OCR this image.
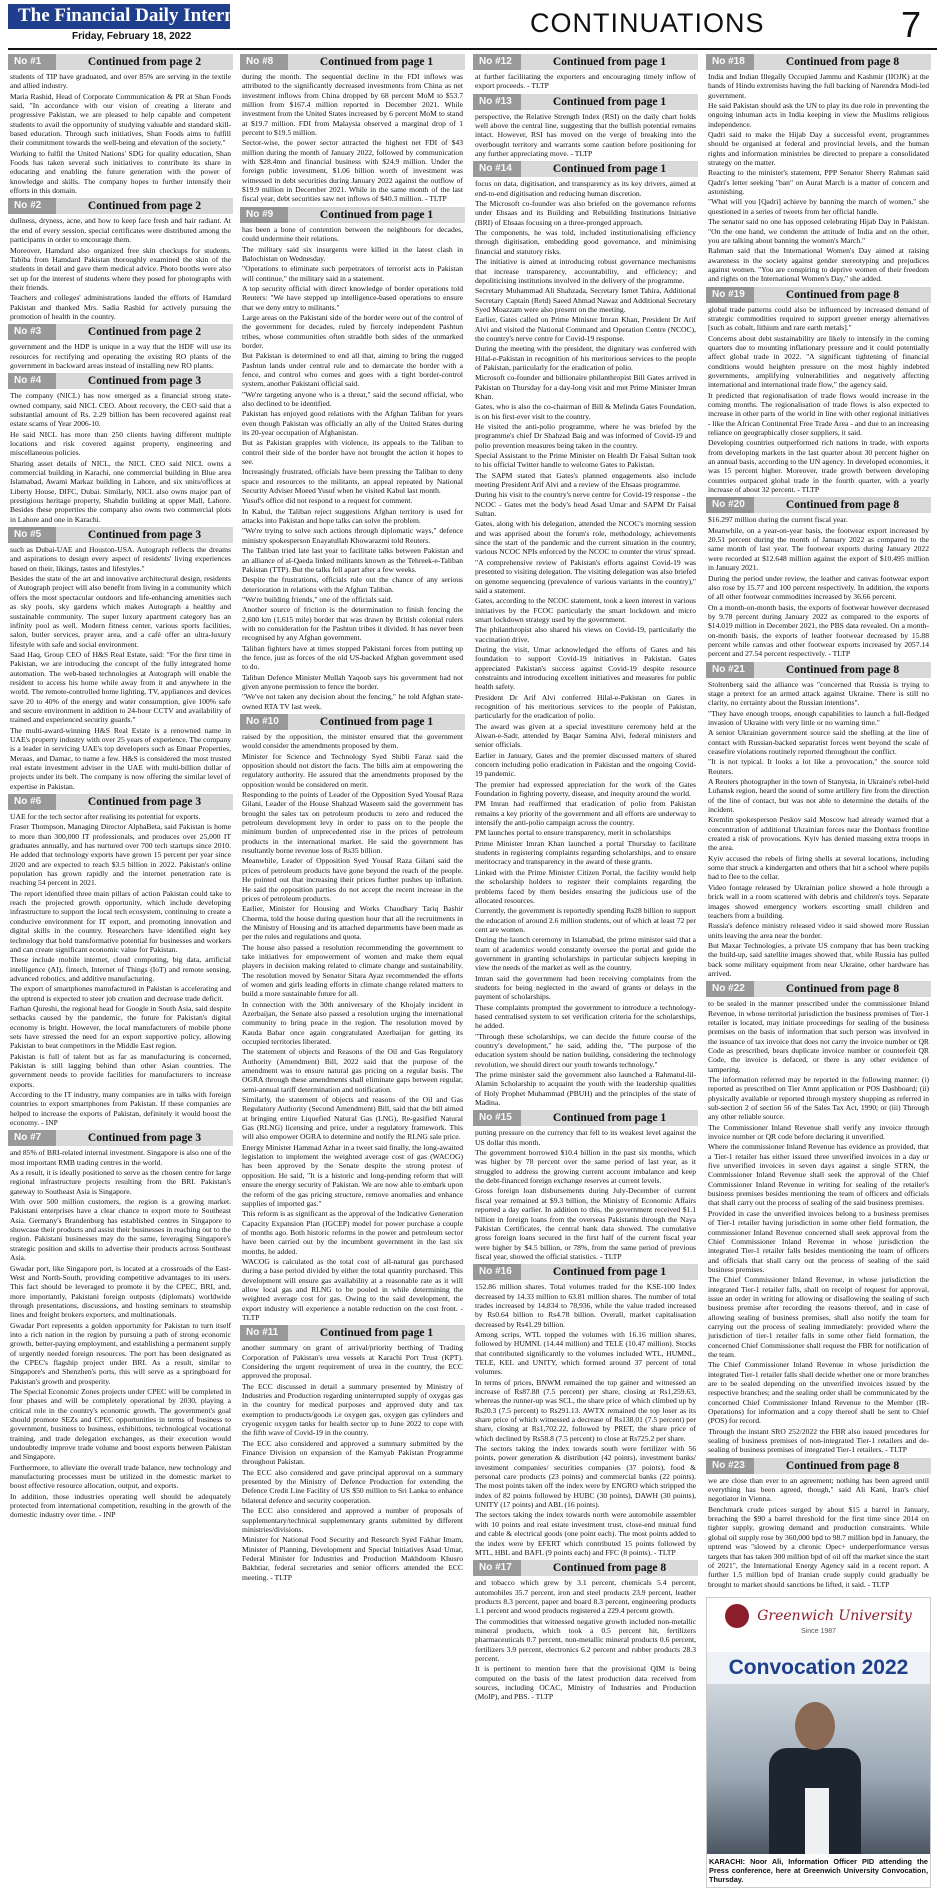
The Financial Daily International
Friday, February 18, 2022	CONTINUATIONS	7
No #1	Continued from page 2

students of TIP have graduated, and over 85% are serving in the textile and allied industry.

Maria Rashid, Head of Corporate Communication & PR at Shan Foods said, "In accordance with our vision of creating a literate and progressive Pakistan, we are pleased to help capable and competent students to avail the opportunity of studying valuable and standard skill-based education. Through such initiatives, Shan Foods aims to fulfill their commitment towards the well-being and elevation of the society."

Working to fulfil the United Nations' SDG for quality education, Shan Foods has taken several such initiatives to contribute its share in educating and enabling the future generation with the power of knowledge and skills. The company hopes to further intensify their efforts in this domain.

No #2	Continued from page 2

dullness, dryness, acne, and how to keep face fresh and hair radiant. At the end of every session, special certificates were distributed among the participants in order to encourage them.

Moreover, Hamdard also organized free skin checkups for students. Tabiba from Hamdard Pakistan thoroughly examined the skin of the students in detail and gave them medical advice. Photo booths were also set up for the interest of students where they posed for photographs with their friends.

Teachers and colleges' administrations lauded the efforts of Hamdard Pakistan and thanked Mrs. Sadia Rashid for actively pursuing the promotion of health in the country.

No #3	Continued from page 2

government and the HDP is unique in a way that the HDF will use its resources for rectifying and operating the existing RO plants of the government in backward areas instead of installing new RO plants.

No #4	Continued from page 3

The company (NICL) has now emerged as a financial strong state-owned company, said NICL CEO. About recovery, the CEO said that a substantial amount of Rs. 2.29 billion has been recovered against real estate scams of Year 2006-10.

He said NICL has more than 250 clients having different multiple locations and risk covered against property, engineering and miscellaneous policies.

Sharing asset details of NICL, the NICL CEO said NICL owns a commercial building in Karachi, one commercial building in Blue area Islamabad, Awami Markaz building in Lahore, and six units/offices at Liberty House, DIFC, Dubai. Similarly, NICL also owns major part of prestigious heritage property, Shahdin building at upper Mall, Lahore. Besides these properties the company also owns two commercial plots in Lahore and one in Karachi.

No #5	Continued from page 3

such as Dubai-UAE and Houston-USA. Autograph reflects the dreams and aspirations to design every aspect of residents' living experiences based on their, likings, tastes and lifestyles."

Besides the state of the art and innovative architectural design, residents of Autograph project will also benefit from living in a community which offers the most spectacular outdoors and life-enhancing amenities such as sky pools, sky gardens which makes Autograph a healthy and sustainable community. The super luxury apartment category has an infinity pool as well. Modern fitness center, various sports facilities, salon, butler services, prayer area, and a café offer an ultra-luxury lifestyle with safe and social environment.

Saad Haq, Group CEO of H&S Real Estate, said: "For the first time in Pakistan, we are introducing the concept of the fully integrated home automation. The web-based technologies at Autograph will enable the resident to access his home while away from it and anywhere in the world. The remote-controlled home lighting, TV, appliances and devices save 20 to 40% of the energy and water consumption, give 100% safe and secure environment in addition to 24-hour CCTV and availability of trained and experienced security guards."

The multi-award-winning H&S Real Estate is a renowned name in UAE's property industry with over 25 years of experience. The company is a leader in servicing UAE's top developers such as Emaar Properties, Meraas, and Damac, to name a few. H&S is considered the most trusted real estate investment adviser in the UAE with multi-billion dollar of projects under its belt. The company is now offering the similar level of expertise in Pakistan.

No #6	Continued from page 3

UAE for the tech sector after realising its potential for exports.

Fraser Thompson, Managing Director AlphaBeta, said Pakistan is home to more than 300,000 IT professionals, and produces over 25,000 IT graduates annually, and has nurtured over 700 tech startups since 2010. He added that technology exports have grown 15 percent per year since 2020 and are expected to reach $3.5 billion in 2022. Pakistan's online population has grown rapidly and the internet penetration rate is reaching 54 percent in 2021.

The report identified three main pillars of action Pakistan could take to reach the projected growth opportunity, which include developing infrastructure to support the local tech ecosystem, continuing to create a conducive environment for IT export, and promoting innovation and digital skills in the country. Researchers have identified eight key technology that hold transformative potential for businesses and workers and can create significant economic value for Pakistan.

These include mobile internet, cloud computing, big data, artificial intelligence (AI), fintech, Internet of Things (IoT) and remote sensing, advanced robotics, and additive manufacturing.

The export of smartphones manufactured in Pakistan is accelerating and the uptrend is expected to steer job creation and decrease trade deficit.

Farhan Qureshi, the regional head for Google in South Asia, said despite setbacks caused by the pandemic, the future for Pakistan's digital economy is bright. However, the local manufacturers of mobile phone sets have stressed the need for an export supportive policy, allowing Pakistan to beat competitors in the Middle East region.

Pakistan is full of talent but as far as manufacturing is concerned, Pakistan is still lagging behind than other Asian countries. The government needs to provide facilities for manufacturers to increase exports.

According to the IT industry, many companies are in talks with foreign countries to export smartphones from Pakistan. If these companies are helped to increase the exports of Pakistan, definitely it would boost the economy. - INP

No #7	Continued from page 3

and 85% of BRI-related internal investment. Singapore is also one of the most important RMB trading centres in the world.

As a result, it is ideally positioned to serve as the chosen centre for large regional infrastructure projects resulting from the BRI. Pakistan's gateway to Southeast Asia is Singapore.

With over 500 million customers, the region is a growing market. Pakistani enterprises have a clear chance to export more to Southeast Asia. Germany's Brandenburg has established centres in Singapore to showcase their products and assist their businesses in reaching out to the region. Pakistani businesses may do the same, leveraging Singapore's strategic position and skills to advertise their products across Southeast Asia.

Gwadar port, like Singapore port, is located at a crossroads of the East-West and North-South, providing competitive advantages to its users. This fact should be leveraged to promote it by the CPEC, BRI, and, more importantly, Pakistani foreign outposts (diplomats) worldwide through presentations, discussions, and hosting seminars to steamship lines and freight brokers exporters, and multinationals.

Gwadar Port represents a golden opportunity for Pakistan to turn itself into a rich nation in the region by pursuing a path of strong economic growth, better-paying employment, and establishing a permanent supply of urgently needed foreign resources. The port has been designated as the CPEC's flagship project under BRI. As a result, similar to Singapore's and Shenzhen's ports, this will serve as a springboard for Pakistan's growth and prosperity.

The Special Economic Zones projects under CPEC will be completed in four phases and will be completely operational by 2030, playing a critical role in the country's economic growth. The government's goal should promote SEZs and CPEC opportunities in terms of business to government, business to business, exhibitions, technological vocational training, and trade delegation exchanges, as their execution would undoubtedly improve trade volume and boost exports between Pakistan and Singapore.

Furthermore, to alleviate the overall trade balance, new technology and manufacturing processes must be utilized in the domestic market to boost effective resource allocation, output, and exports.

In addition, those industries operating well should be adequately protected from international competition, resulting in the growth of the domestic industry over time. - INP

No #8	Continued from page 1

during the month. The sequential decline in the FDI inflows was attributed to the significantly decreased investments from China as net investment inflows from China dropped by 68 percent MoM to $53.7 million from $167.4 million reported in December 2021. While investment from the United States increased by 6 percent MoM to stand at $19.7 million. FDI from Malaysia observed a marginal drop of 1 percent to $19.5 million.

Sector-wise, the power sector attracted the highest net FDI of $43 million during the month of January 2022, followed by communication with $28.4mn and financial business with $24.9 million. Under the foreign public investment, $1.06 billion worth of investment was witnessed in debt securities during January 2022 against the outflow of $19.9 million in December 2021. While in the same month of the last fiscal year, debt securities saw net inflows of $40.3 million. - TLTP

No #9	Continued from page 1

has been a bone of contention between the neighbours for decades, could undermine their relations.

The military said six insurgents were killed in the latest clash in Balochistan on Wednesday.

"Operations to eliminate such perpetrators of terrorist acts in Pakistan will continue," the military said in a statement.

A top security official with direct knowledge of border operations told Reuters: "We have stepped up intelligence-based operations to ensure that we deny entry to militants."

Large areas on the Pakistani side of the border were out of the control of the government for decades, ruled by fiercely independent Pashtun tribes, whose communities often straddle both sides of the unmarked border.

But Pakistan is determined to end all that, aiming to bring the rugged Pashtun lands under central rule and to demarcate the border with a fence, and control who comes and goes with a tight border-control system, another Pakistani official said.

"We're targeting anyone who is a threat," said the second official, who also declined to be identified.

Pakistan has enjoyed good relations with the Afghan Taliban for years even though Pakistan was officially an ally of the United States during its 20-year occupation of Afghanistan.

But as Pakistan grapples with violence, its appeals to the Taliban to control their side of the border have not brought the action it hopes to see.

Increasingly frustrated, officials have been pressing the Taliban to deny space and resources to the militants, an appeal repeated by National Security Adviser Moeed Yusuf when he visited Kabul last month.

Yusuf's office did not respond to a request for comment.

In Kabul, the Taliban reject suggestions Afghan territory is used for attacks into Pakistan and hope talks can solve the problem.

"We're trying to solve such actions through diplomatic ways," defence ministry spokesperson Enayatullah Khowarazmi told Reuters.

The Taliban tried late last year to facilitate talks between Pakistan and an alliance of al-Qaeda linked militants known as the Tehreek-e-Taliban Pakistan (TTP). But the talks fell apart after a few weeks.

Despite the frustrations, officials rule out the chance of any serious deterioration in relations with the Afghan Taliban.

"We're building friends," one of the officials said.

Another source of friction is the determination to finish fencing the 2,600 km (1,615 mile) border that was drawn by British colonial rulers with no consideration for the Pashtun tribes it divided. It has never been recognised by any Afghan government.

Taliban fighters have at times stopped Pakistani forces from putting up the fence, just as forces of the old US-backed Afghan government used to do.

Taliban Defence Minister Mullah Yaqoob says his government had not given anyone permission to fence the border.

"We've not taken any decision about the fencing," he told Afghan state-owned RTA TV last week.

No #10	Continued from page 1

raised by the opposition, the minister ensured that the government would consider the amendments proposed by them.

Minister for Science and Technology Syed Shibli Faraz said the opposition should not distort the facts. The bills aim at empowering the regulatory authority. He assured that the amendments proposed by the opposition would be considered on merit.

Responding to the points of Leader of the Opposition Syed Yousaf Raza Gilani, Leader of the House Shahzad Waseem said the government has brought the sales tax on petroleum products to zero and reduced the petroleum development levy in order to pass on to the people the minimum burden of unprecedented rise in the prices of petroleum products in the international market. He said the government has resultantly borne revenue loss of Rs35 billion.

Meanwhile, Leader of Opposition Syed Yousaf Raza Gilani said the prices of petroleum products have gone beyond the reach of the people. He pointed out that increasing their prices further pushes up inflation. He said the opposition parties do not accept the recent increase in the prices of petroleum products.

Earlier, Minister for Housing and Works Chaudhary Tariq Bashir Cheema, told the house during question hour that all the recruitments in the Ministry of Housing and its attached departments have been made as per the rules and regulations and quota.

The house also passed a resolution recommending the government to take initiatives for empowerment of women and make them equal players in decision making related to climate change and sustainability. The resolution moved by Senator Sitara Ayaz recommended the efforts of women and girls leading efforts in climate change related matters to build a more sustainable future for all.

In connection with the 30th anniversary of the Khojaly incident in Azerbaijan, the Senate also passed a resolution urging the international community to bring peace in the region. The resolution moved by Kauda Babar once again congratulated Azerbaijan for getting its occupied territories liberated.

The statement of objects and Reasons of the Oil and Gas Regulatory Authority (Amendment) Bill, 2022 said that the purpose of the amendment was to ensure natural gas pricing on a regular basis. The OGRA through these amendments shall eliminate gaps between regular, semi-annual tariff determination and notification.

Similarly, the statement of objects and reasons of the Oil and Gas Regulatory Authority (Second Amendment) Bill, said that the bill aimed at bringing entire Liquefied Natural Gas (LNG), Re-gasified Natural Gas (RLNG) licensing and price, under a regulatory framework. This will also empower OGRA to determine and notify the RLNG sale price.

Energy Minister Hammad Azhar in a tweet said finally, the long-awaited legislation to implement the weighted average cost of gas (WACOG) has been approved by the Senate despite the strong protest of opposition. He said, "It is a historic and long-pending reform that will ensure the energy security of Pakistan. We are now able to embark upon the reform of the gas pricing structure, remove anomalies and enhance supplies of imported gas."

This reform is as significant as the approval of the Indicative Generation Capacity Expansion Plan (IGCEP) model for power purchase a couple of months ago. Both historic reforms in the power and petroleum sector have been carried out by the incumbent government in the last six months, he added.

WACOG is calculated as the total cost of all-natural gas purchased during a base period divided by either the total quantity purchased. This development will ensure gas availability at a reasonable rate as it will allow local gas and RLNG to be pooled in while determining the weighted average cost for gas. Owing to the said development, the export industry will experience a notable reduction on the cost front. - TLTP

No #11	Continued from page 1

another summary on grant of arrival/priority berthing of Trading Corporation of Pakistan's urea vessels at Karachi Port Trust (KPT). Considering the urgent requirement of urea in the country, the ECC approved the proposal.

The ECC discussed in detail a summary presented by Ministry of Industries and Production regarding uninterrupted supply of oxygas gas in the country for medical purposes and approved duty and tax exemption to products/goods i.e oxygen gas, oxygen gas cylinders and cryogenic oxygen tanks for health sector up to June 2022 to cope with the fifth wave of Covid-19 in the country.

The ECC also considered and approved a summary submitted by the Finance Division on expansion of the Kamyab Pakistan Programme throughout Pakistan.

The ECC also considered and gave principal approval on a summary presented by the Ministry of Defence Production for extending the Defence Credit Line Facility of US $50 million to Sri Lanka to enhance bilateral defence and security cooperation.

The ECC also considered and approved a number of proposals of supplementary/technical supplementary grants submitted by different ministries/divisions.

Minister for National Food Security and Research Syed Fakhar Imam, Minister of Planning, Development and Special Initiatives Asad Umar, Federal Minister for Industries and Production Makhdoom Khusro Bakhtiar, federal secretaries and senior officers attended the ECC meeting. - TLTP

No #12	Continued from page 1

at further facilitating the exporters and encouraging timely inflow of export proceeds. - TLTP

No #13	Continued from page 1

perspective, the Relative Strength Index (RSI) on the daily chart holds well above the central line, suggesting that the bullish potential remains intact. However, RSI has moved on the verge of breaking into the overbought territory and warrants some caution before positioning for any further appreciating move. - TLTP

No #14	Continued from page 1

focus on data, digitisation, and transparency as its key drivers, aimed at end-to-end digitisation and reducing human discretion.

The Microsoft co-founder was also briefed on the governance reforms under Ehsaas and its Building and Rebuilding Institutions Initiative (BRI) of Ehsaas focusing on a three-pronged approach.

The components, he was told, included institutionalising efficiency through digitisation, embedding good governance, and minimising financial and statutory risks.

The initiative is aimed at introducing robust governance mechanisms that increase transparency, accountability, and efficiency; and depoliticising institutions involved in the delivery of the programme.

Secretary Muhammad Ali Shahzada, Secretary Ismet Tahira, Additional Secretary Captain (Retd) Saeed Ahmad Nawaz and Additional Secretary Syed Moazzam were also present on the meeting.

Earlier, Gates called on Prime Minister Imran Khan, President Dr Arif Alvi and visited the National Command and Operation Centre (NCOC), the country's nerve centre for Covid-19 response.

During the meeting with the president, the dignitary was conferred with Hilal-e-Pakistan in recognition of his meritorious services to the people of Pakistan, particularly for the eradication of polio.

Microsoft co-founder and billionaire philanthropist Bill Gates arrived in Pakistan on Thursday for a day-long visit and met Prime Minister Imran Khan.

Gates, who is also the co-chairman of Bill & Melinda Gates Foundation, is on his first-ever visit to the country.

He visited the anti-polio programme, where he was briefed by the programme's chief Dr Shahzad Baig and was informed of Covid-19 and polio prevention measures being taken in the country.

Special Assistant to the Prime Minister on Health Dr Faisal Sultan took to his official Twitter handle to welcome Gates to Pakistan.

The SAPM stated that Gates's planned engagements also include meeting President Arif Alvi and a review of the Ehsaas programme.

During his visit to the country's nerve centre for Covid-19 response - the NCOC - Gates met the body's head Asad Umar and SAPM Dr Faisal Sultan.

Gates, along with his delegation, attended the NCOC's morning session and was apprised about the forum's role, methodology, achievements since the start of the pandemic and the current situation in the country, various NCOC NPIs enforced by the NCOC to counter the virus' spread.

"A comprehensive review of Pakistan's efforts against Covid-19 was presented to visiting delegation. The visiting delegation was also briefed on genome sequencing (prevalence of various variants in the country)," said a statement.

Gates, according to the NCOC statement, took a keen interest in various initiatives by the FCOC particularly the smart lockdown and micro smart lockdown strategy used by the government.

The philanthropist also shared his views on Covid-19, particularly the vaccination drive.

During the visit, Umar acknowledged the efforts of Gates and his foundation to support Covid-19 initiatives in Pakistan. Gates appreciated Pakistan's success against Covid-19 despite resource constraints and introducing excellent initiatives and measures for public health safety.

President Dr Arif Alvi conferred Hilal-e-Pakistan on Gates in recognition of his meritorious services to the people of Pakistan, particularly for the eradication of polio.

The award was given at a special investiture ceremony held at the Aiwan-e-Sadr, attended by Baqar Samina Alvi, federal ministers and senior officials.

Earlier in January, Gates and the premier discussed matters of shared concern including polio eradication in Pakistan and the ongoing Covid-19 pandemic.

The premier had expressed appreciation for the work of the Gates Foundation in fighting poverty, disease, and inequity around the world.

PM Imran had reaffirmed that eradication of polio from Pakistan remains a key priority of the government and all efforts are underway to intensify the anti-polio campaign across the country.

PM launches portal to ensure transparency, merit in scholarships

Prime Minister Imran Khan launched a portal Thursday to facilitate students in registering complaints regarding scholarships, and to ensure meritocracy and transparency in the award of these grants.

Linked with the Prime Minister Citizen Portal, the facility would help the scholarship holders to register their complaints regarding the problems faced by them besides ensuring the judicious use of the allocated resources.

Currently, the government is reportedly spending Rs28 billion to support the education of around 2.6 million students, out of which at least 72 per cent are women.

During the launch ceremony in Islamabad, the prime minister said that a team of academics would constantly oversee the portal and guide the government in granting scholarships in particular subjects keeping in view the needs of the market as well as the country.

Imran said the government had been receiving complaints from the students for being neglected in the award of grants or delays in the payment of scholarships.

These complaints prompted the government to introduce a technology-based centralised system to set verification criteria for the scholarships, he added.

"Through these scholarships, we can decide the future course of the country's development," he said, adding the, "The purpose of the education system should be nation building, considering the technology revolution, we should direct our youth towards technology."

The prime minister said the government also launched a Rahmatul-lil-Alamin Scholarship to acquaint the youth with the leadership qualities of Holy Prophet Muhammad (PBUH) and the principles of the state of Madina.

No #15	Continued from page 1

putting pressure on the currency that fell to its weakest level against the US dollar this month.

The government borrowed $10.4 billion in the past six months, which was higher by 78 percent over the same period of last year, as it struggled to address the growing current account imbalance and keep the debt-financed foreign exchange reserves at current levels.

Gross foreign loan disbursements during July-December of current fiscal year remained at $9.3 billion, the Ministry of Economic Affairs reported a day earlier. In addition to this, the government received $1.1 billion in foreign loans from the overseas Pakistanis through the Naya Pakistan Certificates, the central bank data showed. The cumulative gross foreign loans secured in the first half of the current fiscal year were higher by $4.5 billion, or 78%, from the same period of previous fiscal year, showed the official statistics. - TLTP

No #16	Continued from page 1

152.86 million shares. Total volumes traded for the KSE-100 Index decreased by 14.33 million to 63.81 million shares. The number of total trades increased by 14,834 to 78,936, while the value traded increased by Rs0.64 billion to Rs4.78 billion. Overall, market capitalisation decreased by Rs41.29 billion.

Among scrips, WTL topped the volumes with 16.16 million shares, followed by HUMNL (14.44 million) and TELE (10.47 million). Stocks that contributed significantly to the volumes included WTL, HUMNL, TELE, KEL and UNITY, which formed around 37 percent of total volumes.

In terms of prices, BNWM remained the top gainer and witnessed an increase of Rs87.88 (7.5 percent) per share, closing at Rs1,259.63, whereas the runner-up was SCL, the share price of which climbed up by Rs20.3 (7.5 percent) to Rs291.13. AWTX remained the top loser as its share price of which witnessed a decrease of Rs138.01 (7.5 percent) per share, closing at Rs1,702.22, followed by PRET, the share price of which declined by Rs58.8 (7.5 percent) to close at Rs725.2 per share.

The sectors taking the index towards south were fertilizer with 56 points, power generation & distribution (42 points), investment banks/ investment companies/ securities companies (37 points), food & personal care products (23 points) and commercial banks (22 points). The most points taken off the index were by ENGRO which stripped the index of 82 points followed by HUBC (30 points), DAWH (30 points), UNITY (17 points) and ABL (16 points).

The sectors taking the index towards north were automobile assembler with 10 points and real estate investment trust, close-end mutual fund and cable & electrical goods (one point each). The most points added to the index were by EFERT which contributed 15 points followed by MTL, HBL and BAFL (9 points each) and FFC (8 points). - TLTP

No #17	Continued from page 8

and tobacco which grew by 3.1 percent, chemicals 5.4 percent, automobiles 35.7 percent, iron and steel products 23.9 percent, leather products 8.3 percent, paper and board 8.3 percent, engineering products 1.1 percent and wood products registered a 229.4 percent growth.

The commodities that witnessed negative growth included non-metallic mineral products, which took a 0.5 percent hit, fertilizers pharmaceuticals 0.7 percent, non-metallic mineral products 0.6 percent, fertilizers 3.9 percent, electronics 6.2 percent and rubber products 28.3 percent.

It is pertinent to mention here that the provisional QIM is being computed on the basis of the latest production data received from sources, including OCAC, Ministry of Industries and Production (MoIP), and PBS. - TLTP

No #18	Continued from page 8

India and Indian Illegally Occupied Jammu and Kashmir (IIOJK) at the hands of Hindu extremists having the full backing of Narendra Modi-led government.

He said Pakistan should ask the UN to play its due role in preventing the ongoing inhuman acts in India keeping in view the Muslims religious independence.

Qadri said to make the Hijab Day a successful event, programmes should be organised at federal and provincial levels, and the human rights and information ministries be directed to prepare a consolidated strategy on the matter.

Reacting to the minister's statement, PPP Senator Sherry Rahman said Qadri's letter seeking "ban" on Aurat March is a matter of concern and astonishing.

"What will you [Qadri] achieve by banning the march of women," she questioned in a series of tweets from her official handle.

The senator said no one has opposed celebrating Hijab Day in Pakistan. "On the one hand, we condemn the attitude of India and on the other, you are talking about banning the women's March."

Rahman said that the International Women's Day aimed at raising awareness in the society against gender stereotyping and prejudices against women. "You are conspiring to deprive women of their freedom and rights on the International Women's Day," she added.

No #19	Continued from page 8

global trade patterns could also be influenced by increased demand of strategic commodities required to support greener energy alternatives [such as cobalt, lithium and rare earth metals]."

Concerns about debt sustainability are likely to intensify in the coming quarters due to mounting inflationary pressure and it could potentially affect global trade in 2022. "A significant tightening of financial conditions would heighten pressure on the most highly indebted governments, amplifying vulnerabilities and negatively affecting international and international trade flow," the agency said.

It predicted that regionalisation of trade flows would increase in the coming months. The regionalisation of trade flows is also expected to increase in other parts of the world in line with other regional initiatives - like the African Continental Free Trade Area - and due to an increasing reliance on geographically closer suppliers, it said.

Developing countries outperformed rich nations in trade, with exports from developing markets in the last quarter about 30 percent higher on an annual basis, according to the UN agency. In developed economies, it was 15 percent higher. Moreover, trade growth between developing countries outpaced global trade in the fourth quarter, with a yearly increase of about 32 percent. - TLTP

No #20	Continued from page 8

$16.297 million during the current fiscal year.

Meanwhile, on a year-on-year basis, the footwear export increased by 20.51 percent during the month of January 2022 as compared to the same month of last year. The footwear exports during January 2022 were recorded at $12.648 million against the export of $10.495 million in January 2021.

During the period under review, the leather and canvas footwear export also rose by 15.77 and 100 percent respectively. In addition, the exports of all other footwear commodities increased by 36.66 percent.

On a month-on-month basis, the exports of footwear however decreased by 9.78 percent during January 2022 as compared to the exports of $14.019 million in December 2021, the PBS data revealed. On a month-on-month basis, the exports of leather footwear decreased by 15.88 percent while canvas and other footwear exports increased by 2057.14 percent and 27.54 percent respectively. - TLTP

No #21	Continued from page 8

Stoltenberg said the alliance was "concerned that Russia is trying to stage a pretext for an armed attack against Ukraine. There is still no clarity, no certainty about the Russian intentions".

"They have enough troops, enough capabilities to launch a full-fledged invasion of Ukraine with very little or no warning time."

A senior Ukrainian government source said the shelling at the line of contact with Russian-backed separatist forces went beyond the scale of ceasefire violations routinely reported throughout the conflict.

"It is not typical. It looks a lot like a provocation," the source told Reuters.

A Reuters photographer in the town of Stanytsia, in Ukraine's rebel-held Luhansk region, heard the sound of some artillery fire from the direction of the line of contact, but was not able to determine the details of the incident.

Kremlin spokesperson Peskov said Moscow had already warned that a concentration of additional Ukrainian forces near the Donbass frontline created a risk of provocations. Kyiv has denied massing extra troops in the area.

Kyiv accused the rebels of firing shells at several locations, including some that struck a kindergarten and others that hit a school where pupils had to flee to the cellar.

Video footage released by Ukrainian police showed a hole through a brick wall in a room scattered with debris and children's toys. Separate images showed emergency workers escorting small children and teachers from a building.

Russia's defence ministry released video it said showed more Russian units leaving the area near the border.

But Maxar Technologies, a private US company that has been tracking the build-up, said satellite images showed that, while Russia has pulled back some military equipment from near Ukraine, other hardware has arrived.

No #22	Continued from page 8

to be sealed in the manner prescribed under the commissioner Inland Revenue, in whose territorial jurisdiction the business premises of Tier-1 retailer is located, may initiate proceedings for sealing of the business premises on the basis of information that such person was involved in the issuance of tax invoice that does not carry the invoice number or QR Code as prescribed, bears duplicate invoice number or counterfeit QR Code, the invoice is defaced, or there is any other evidence of tampering.

The information referred may be reported in the following manner: (i) reported as prescribed on Tier Amnt application or POS Dashboard; (ii) physically available or reported through mystery shopping as referred in sub-section 2 of section 56 of the Sales Tax Act, 1990; or (iii) Through any other reliable source.

The Commissioner Inland Revenue shall verify any invoice through invoice number or QR code before declaring it unverified.

Where the commissioner Inland Revenue has evidence as provided, that a Tier-1 retailer has either issued three unverified invoices in a day or five unverified invoices in seven days against a single STRN, the Commissioner Inland Revenue shall seek the approval of the Chief Commissioner Inland Revenue in writing for sealing of the retailer's business premises besides mentioning the team of officers and officials that shall carry out the process of sealing of the said business premises.

Provided in case the unverified invoices belong to a business premises of Tier-1 retailer having jurisdiction in some other field formation, the commissioner Inland Revenue concerned shall seek approval from the Chief Commissioner Inland Revenue in whose jurisdiction the integrated Tier-1 retailer falls besides mentioning the team of officers and officials that shall carry out the process of sealing of the said business premises.

The Chief Commissioner Inland Revenue, in whose jurisdiction the integrated Tier-1 retailer falls, shall on receipt of request for approval, issue an order in writing for allowing or disallowing the sealing of such business premise after recording the reasons thereof, and in case of allowing sealing of business premises, shall also notify the team for carrying out the process of sealing immediately: provided where the jurisdiction of tier-1 retailer falls in some other field formation, the concerned Chief Commissioner shall request the FBR for notification of the team.

The Chief Commissioner Inland Revenue in whose jurisdiction the integrated Tier-1 retailer falls shall decide whether one or more branches are to be sealed depending on the unverified invoices issued by the respective branches; and the sealing order shall be communicated by the concerned Chief Commissioner Inland Revenue to the Member (IR-Operations) for information and a copy thereof shall be sent to Chief (POS) for record.

Through the instant SRO 252/2022 the FBR also issued procedures for sealing of business premises of non-integrated Tier-1 retailers and de-sealing of business premises of integrated Tier-1 retailers. - TLTP

No #23	Continued from page 8

we are close than ever to an agreement; nothing has been agreed until everything has been agreed, though," said Ali Kani, Iran's chief negotiator in Vienna.

Benchmark crude prices surged by about $15 a barrel in January, breaching the $90 a barrel threshold for the first time since 2014 on tighter supply, growing demand and production constraints. While global oil supply rose by 360,000 bpd to 98.7 million bpd in January, the uptrend was "slowed by a chronic Opec+ underperformance versus targets that has taken 300 million bpd of oil off the market since the start of 2021", the International Energy Agency said in a recent report. A further 1.5 million bpd of Iranian crude supply could gradually be brought to market should sanctions be lifted, it said. - TLTP

Greenwich University
Since 1987
Convocation 2022
KARACHI: Noor Ali, Information Officer PID attending the Press conference, here at Greenwich University Convocation, Thursday.
